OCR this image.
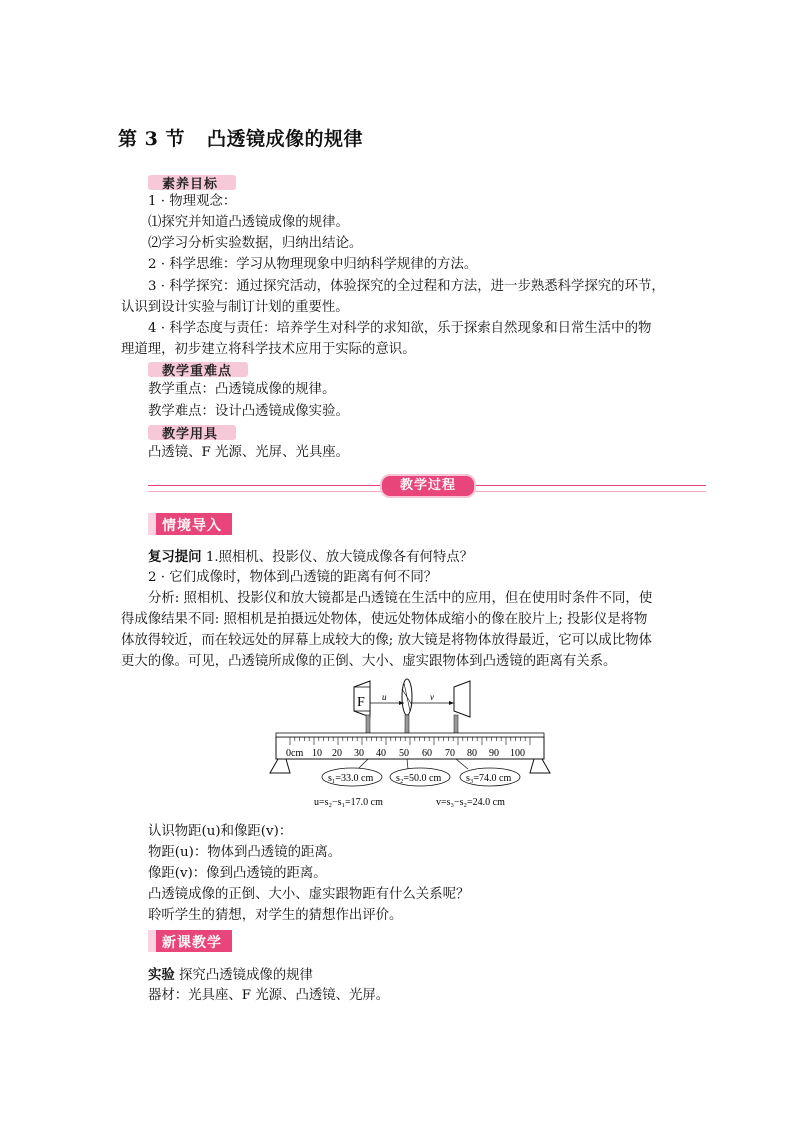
第 3 节 凸透镜成像的规律
素养目标
1 · 物理观念：
⑴探究并知道凸透镜成像的规律。
⑵学习分析实验数据，归纳出结论。
2 · 科学思维：学习从物理现象中归纳科学规律的方法。
3 · 科学探究：通过探究活动，体验探究的全过程和方法，进一步熟悉科学探究的环节，
认识到设计实验与制订计划的重要性。
4 · 科学态度与责任：培养学生对科学的求知欲，乐于探索自然现象和日常生活中的物
理道理，初步建立将科学技术应用于实际的意识。
教学重难点
教学重点：凸透镜成像的规律。
教学难点：设计凸透镜成像实验。
教学用具
凸透镜、F 光源、光屏、光具座。
教学过程
情境导入
复习提问 1.照相机、投影仪、放大镜成像各有何特点？
2 · 它们成像时，物体到凸透镜的距离有何不同？
分析: 照相机、投影仪和放大镜都是凸透镜在生活中的应用，但在使用时条件不同，使
得成像结果不同: 照相机是拍摄远处物体，使远处物体成缩小的像在胶片上; 投影仪是将物
体放得较近，而在较远处的屏幕上成较大的像; 放大镜是将物体放得最近，它可以成比物体
更大的像。可见，凸透镜所成像的正倒、大小、虚实跟物体到凸透镜的距离有关系。
F u	v
0cm 10 20 30 40 50 60 70 80 90 100
s₁=33.0 cm s₂=50.0 cm s₃=74.0 cm
u=s₂−s₁=17.0 cm	v=s₃−s₂=24.0 cm
认识物距(u)和像距(v)：
物距(u)：物体到凸透镜的距离。
像距(v)：像到凸透镜的距离。
凸透镜成像的正倒、大小、虚实跟物距有什么关系呢？
聆听学生的猜想，对学生的猜想作出评价。
新课教学
实验 探究凸透镜成像的规律
器材：光具座、F 光源、凸透镜、光屏。
